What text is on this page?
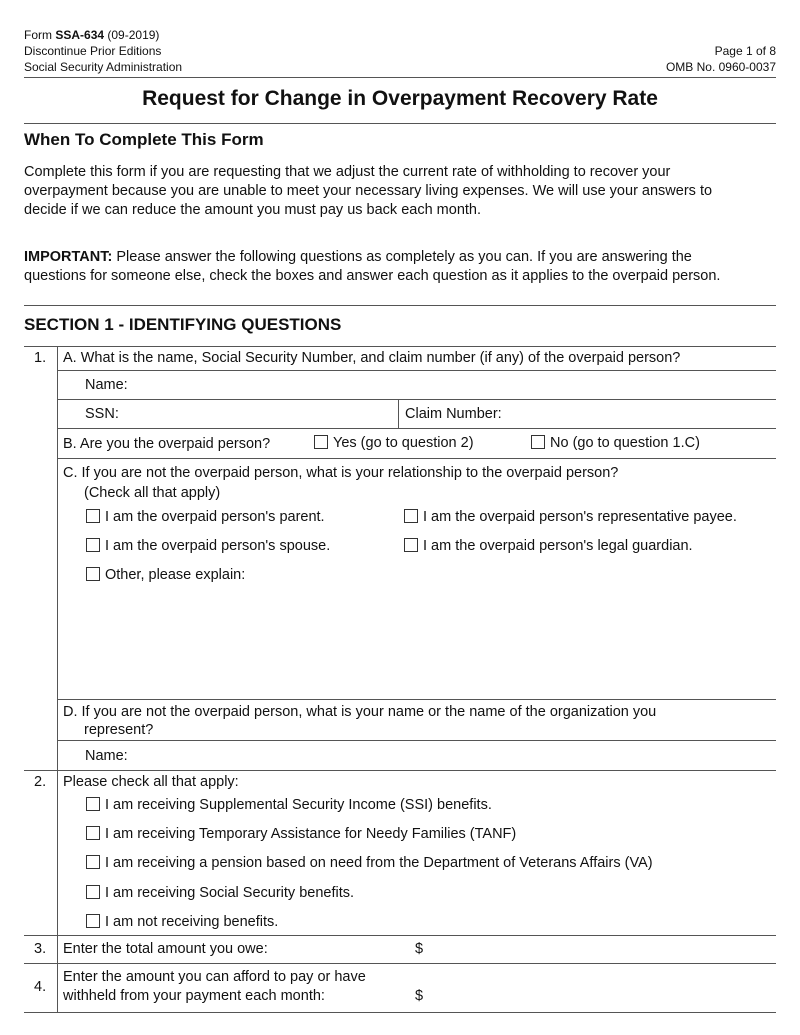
Form SSA-634 (09-2019)
Discontinue Prior Editions
Social Security Administration
Page 1 of 8
OMB No. 0960-0037
Request for Change in Overpayment Recovery Rate
When To Complete This Form
Complete this form if you are requesting that we adjust the current rate of withholding to recover your
overpayment because you are unable to meet your necessary living expenses. We will use your answers to
decide if we can reduce the amount you must pay us back each month.
IMPORTANT: Please answer the following questions as completely as you can. If you are answering the
questions for someone else, check the boxes and answer each question as it applies to the overpaid person.
SECTION 1 - IDENTIFYING QUESTIONS
1. A. What is the name, Social Security Number, and claim number (if any) of the overpaid person?
Name:
SSN:	Claim Number:
B. Are you the overpaid person?	Yes (go to question 2)	No (go to question 1.C)
C. If you are not the overpaid person, what is your relationship to the overpaid person?
(Check all that apply)
I am the overpaid person's parent.	I am the overpaid person's representative payee.
I am the overpaid person's spouse.	I am the overpaid person's legal guardian.
Other, please explain:
D. If you are not the overpaid person, what is your name or the name of the organization you
represent?
Name:
2. Please check all that apply:
I am receiving Supplemental Security Income (SSI) benefits.
I am receiving Temporary Assistance for Needy Families (TANF)
I am receiving a pension based on need from the Department of Veterans Affairs (VA)
I am receiving Social Security benefits.
I am not receiving benefits.
3. Enter the total amount you owe:	$
4.
Enter the amount you can afford to pay or have
withheld from your payment each month:	$
